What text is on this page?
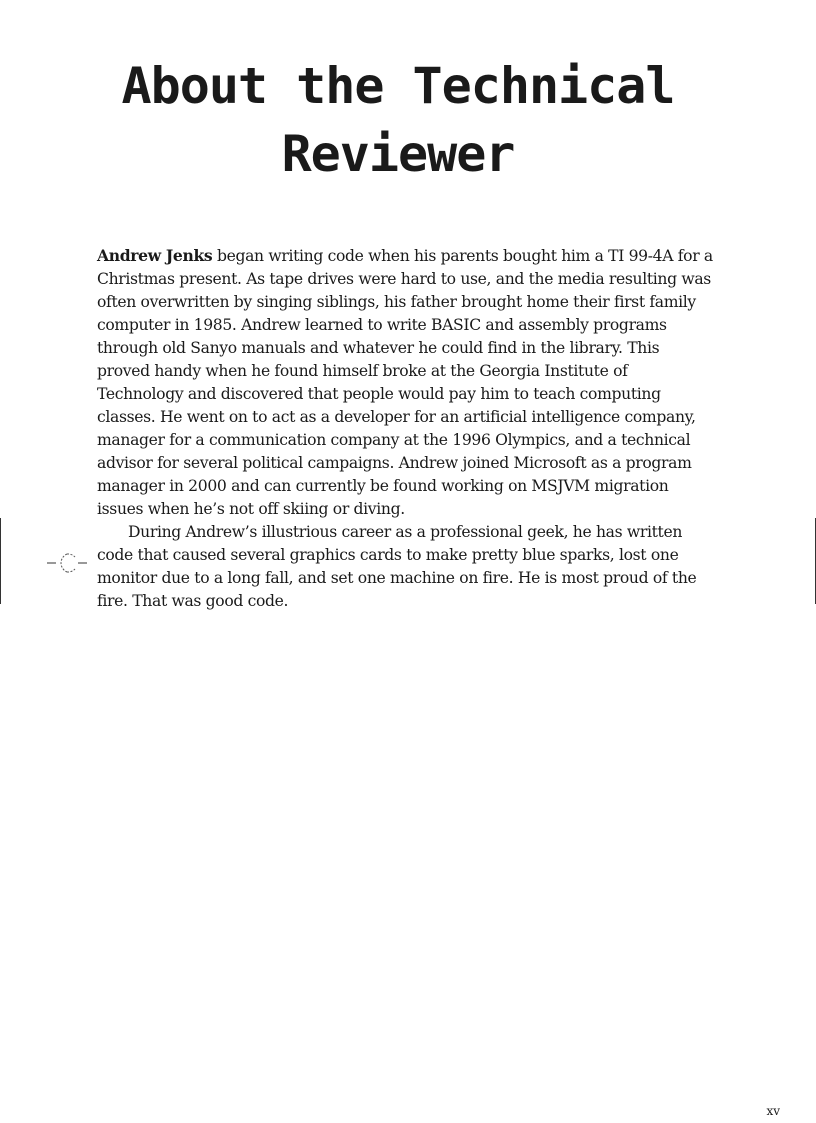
About the Technical
Reviewer
Andrew Jenks began writing code when his parents bought him a TI 99-4A for a
Christmas present. As tape drives were hard to use, and the media resulting was
often overwritten by singing siblings, his father brought home their first family
computer in 1985. Andrew learned to write BASIC and assembly programs
through old Sanyo manuals and whatever he could find in the library. This
proved handy when he found himself broke at the Georgia Institute of
Technology and discovered that people would pay him to teach computing
classes. He went on to act as a developer for an artificial intelligence company,
manager for a communication company at the 1996 Olympics, and a technical
advisor for several political campaigns. Andrew joined Microsoft as a program
manager in 2000 and can currently be found working on MSJVM migration
issues when he’s not off skiing or diving.
During Andrew’s illustrious career as a professional geek, he has written
code that caused several graphics cards to make pretty blue sparks, lost one
monitor due to a long fall, and set one machine on fire. He is most proud of the
fire. That was good code.
xv
